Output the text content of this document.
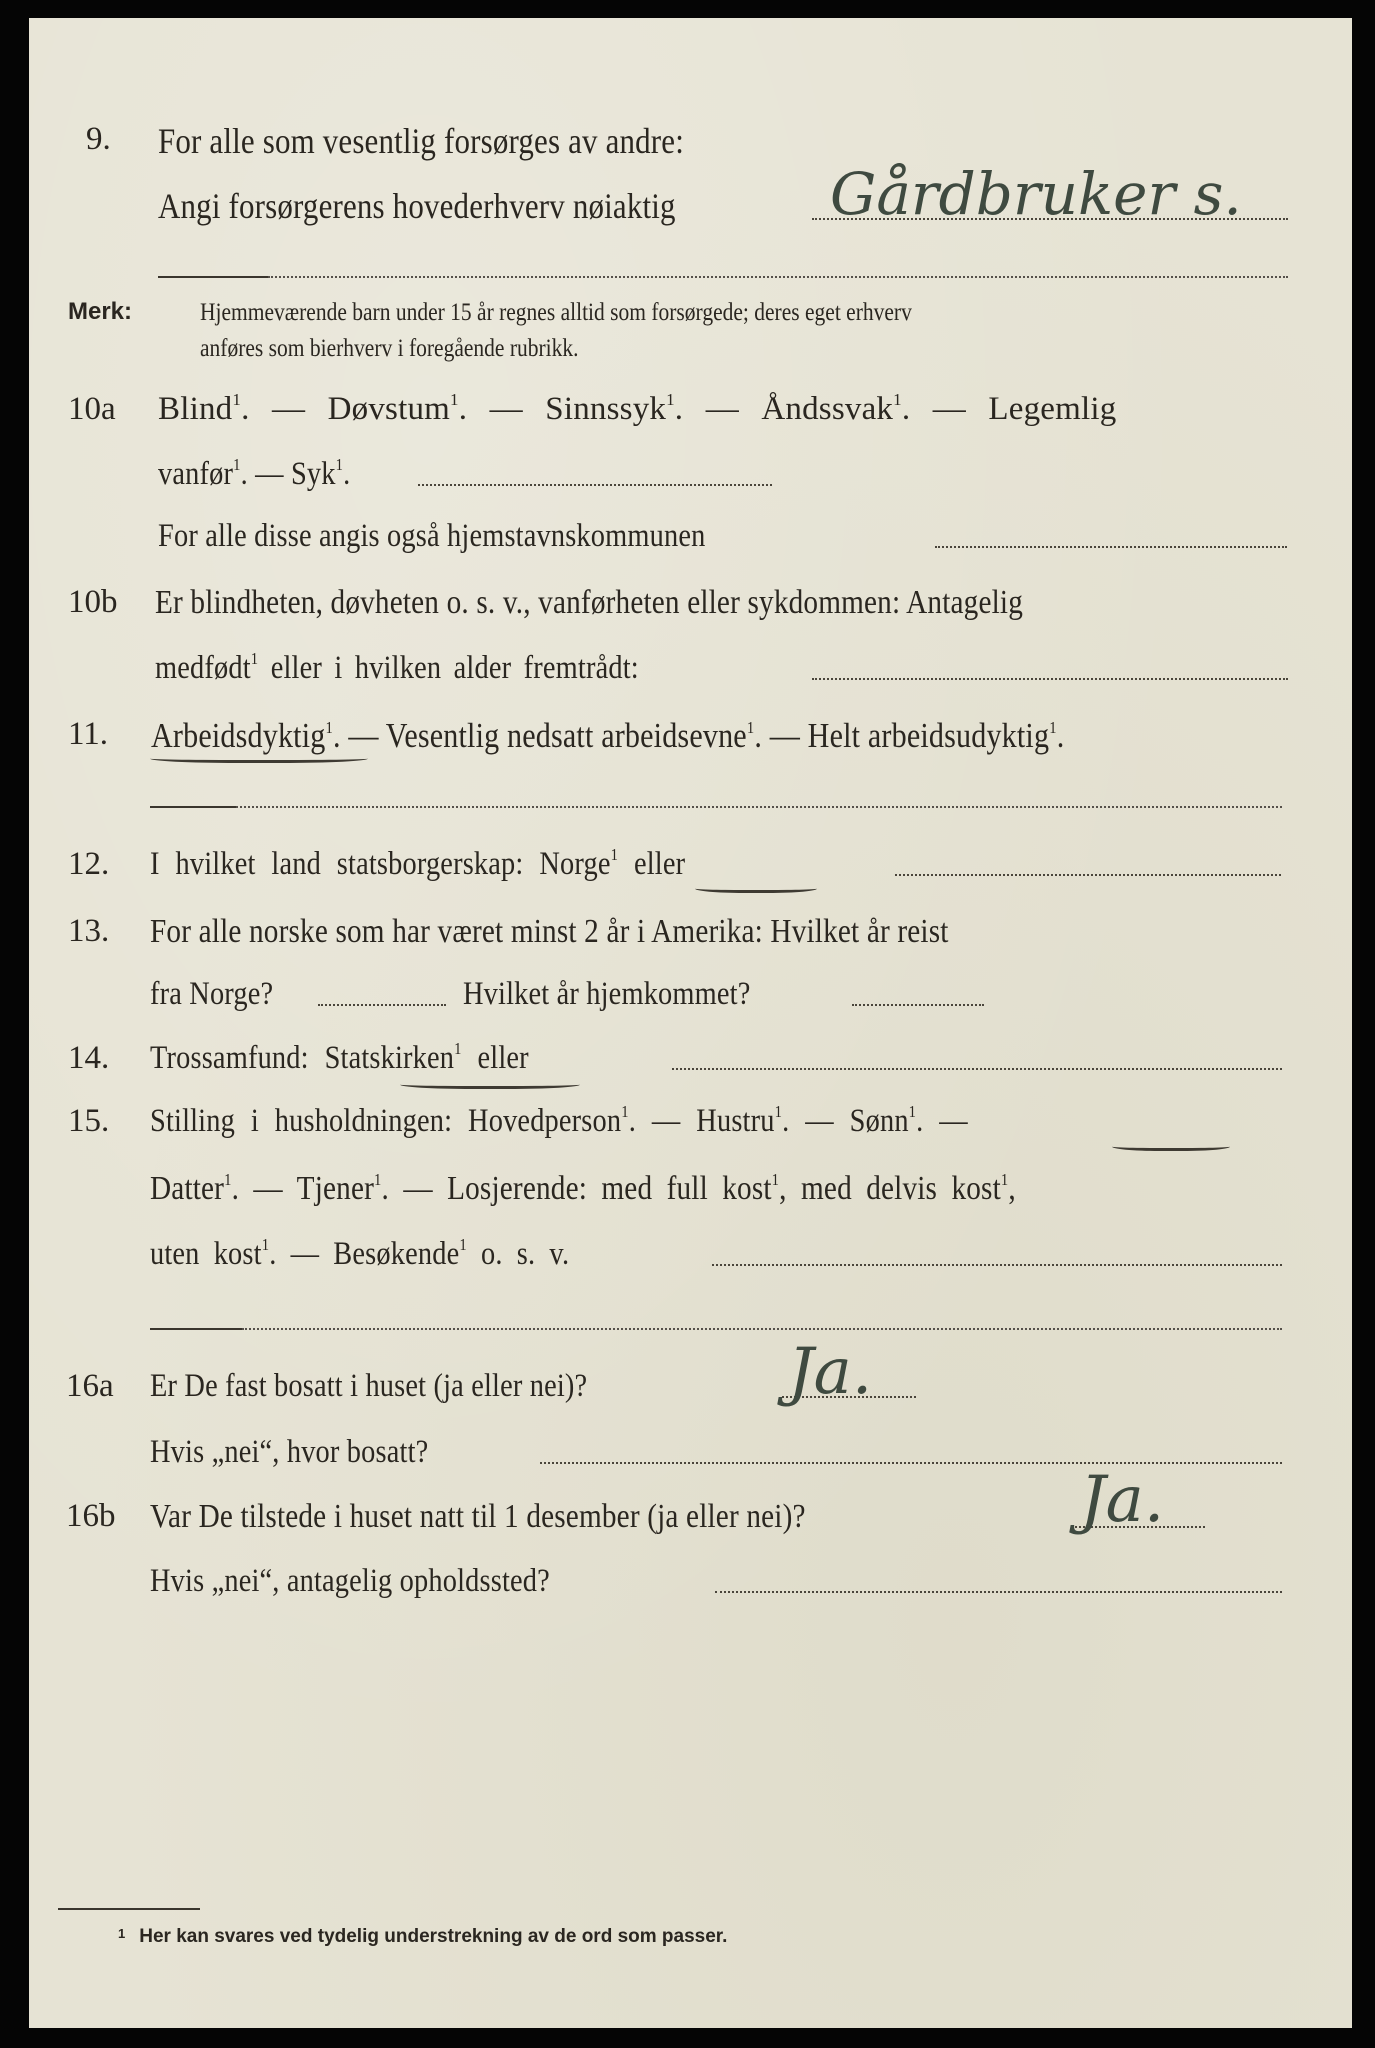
9. For alle som vesentlig forsørges av andre:
Angi forsørgerens hovederhverv nøiaktig	Gårdbruker s.
Merk:	Hjemmeværende barn under 15 år regnes alltid som forsørgede; deres eget erhverv
anføres som bierhverv i foregående rubrikk.
10a Blind$^1$. — Døvstum$^1$. — Sinnssyk$^1$. — Åndssvak$^1$. — Legemlig
vanfør$^1$. — Syk$^1$.
For alle disse angis også hjemstavnskommunen
10b Er blindheten, døvheten o. s. v., vanførheten eller sykdommen: Antagelig
medfødt$^1$ eller i hvilken alder fremtrådt:
11. Arbeidsdyktig$^1$. — Vesentlig nedsatt arbeidsevne$^1$. — Helt arbeidsudyktig$^1$.
12. I hvilket land statsborgerskap: Norge$^1$ eller
13. For alle norske som har været minst 2 år i Amerika: Hvilket år reist
fra Norge?	Hvilket år hjemkommet?
14. Trossamfund: Statskirken$^1$ eller
15. Stilling i husholdningen: Hovedperson$^1$. — Hustru$^1$. — Sønn$^1$. —
Datter$^1$. — Tjener$^1$. — Losjerende: med full kost$^1$, med delvis kost$^1$,
uten kost$^1$. — Besøkende$^1$ o. s. v.
16a Er De fast bosatt i huset (ja eller nei)?	Ja.
Hvis „nei“, hvor bosatt?
16b Var De tilstede i huset natt til 1 desember (ja eller nei)?	Ja.
Hvis „nei“, antagelig opholdssted?
$^1$ Her kan svares ved tydelig understrekning av de ord som passer.
